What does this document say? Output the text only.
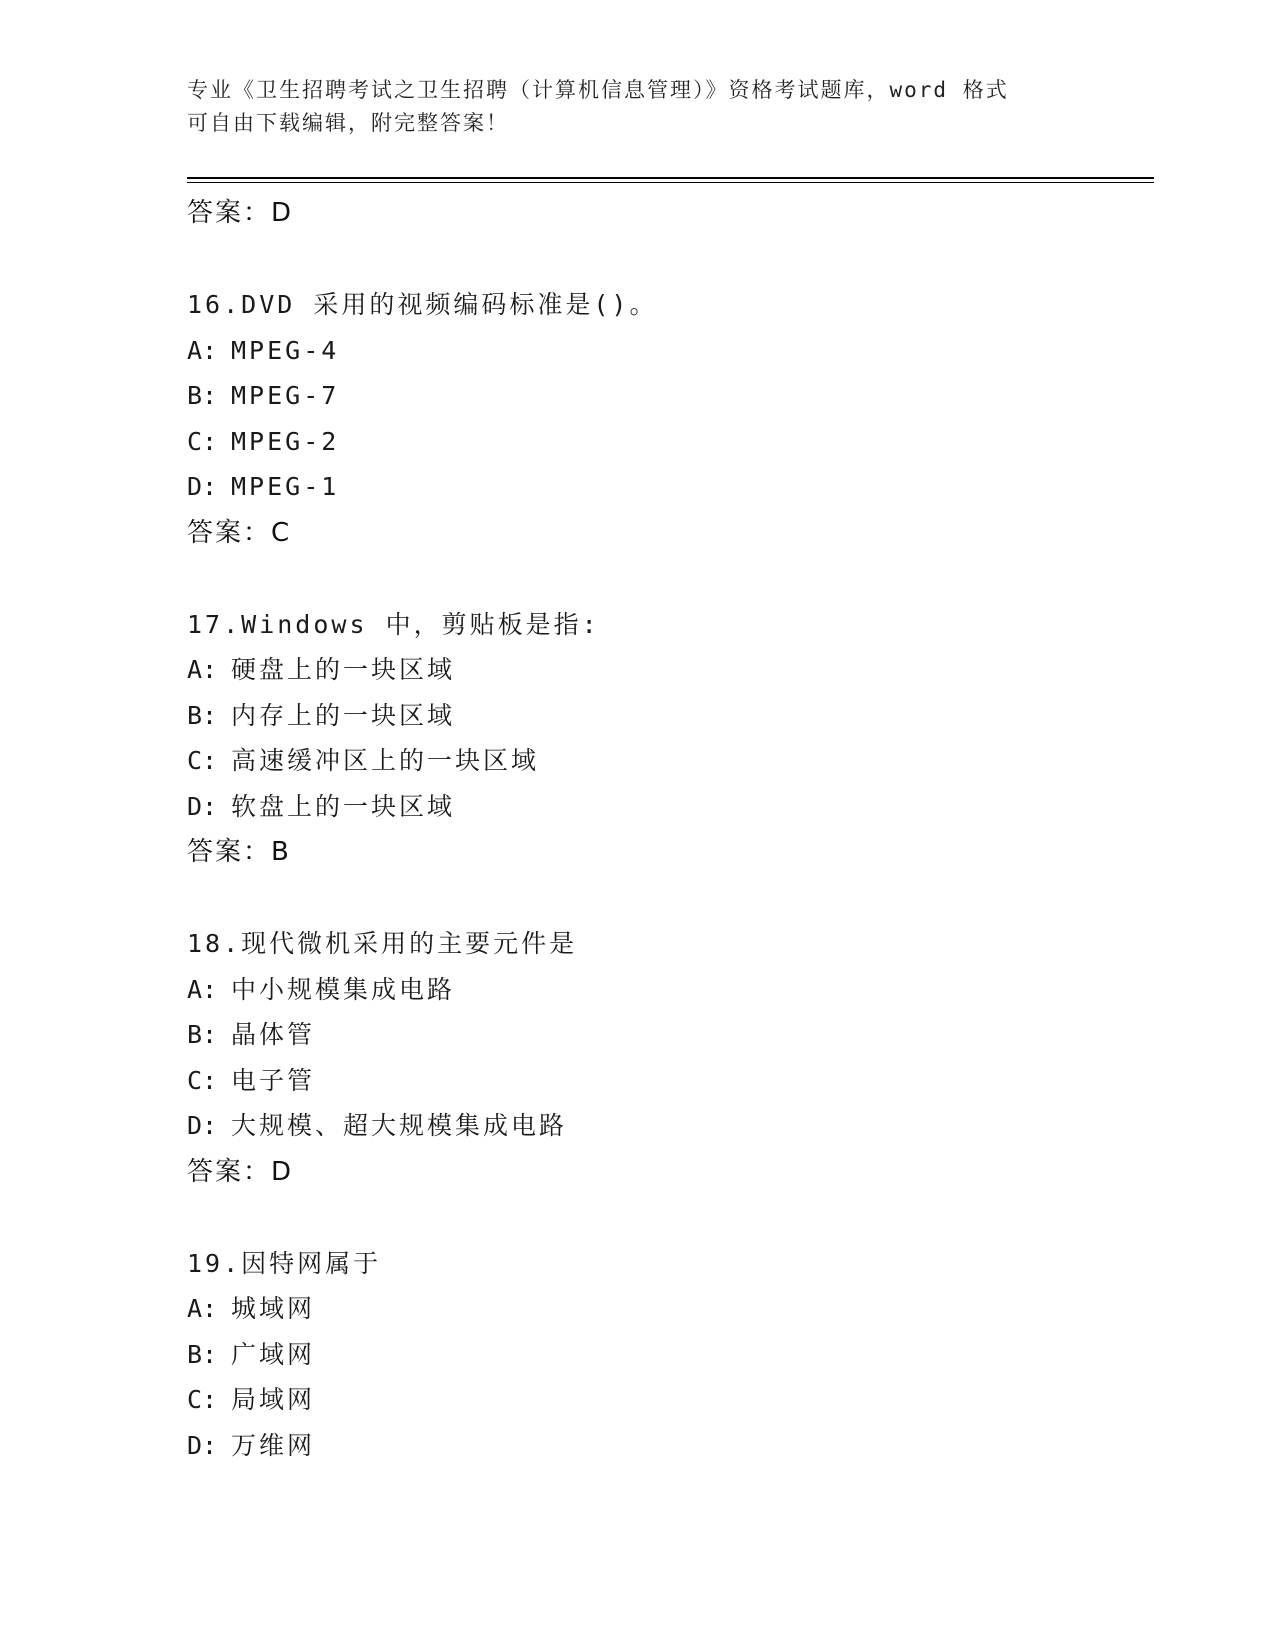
专业《卫生招聘考试之卫生招聘（计算机信息管理）》资格考试题库，word 格式
可自由下载编辑，附完整答案！
答案：D
16.DVD 采用的视频编码标准是()。
A: MPEG-4
B: MPEG-7
C: MPEG-2
D: MPEG-1
答案：C
17.Windows 中，剪贴板是指:
A: 硬盘上的一块区域
B: 内存上的一块区域
C: 高速缓冲区上的一块区域
D: 软盘上的一块区域
答案：B
18.现代微机采用的主要元件是
A: 中小规模集成电路
B: 晶体管
C: 电子管
D: 大规模、超大规模集成电路
答案：D
19.因特网属于
A: 城域网
B: 广域网
C: 局域网
D: 万维网
